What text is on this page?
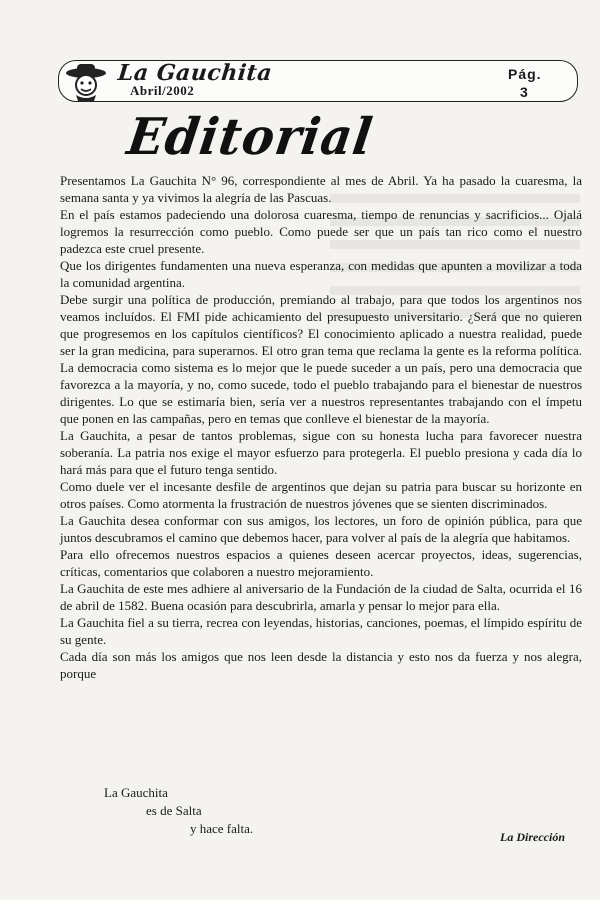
La Gauchita
Abril/2002
Pág.
3
Editorial

Presentamos La Gauchita N° 96, correspondiente al mes de Abril. Ya ha pasado la cuaresma, la semana santa y ya vivimos la alegría de las Pascuas.

En el país estamos padeciendo una dolorosa cuaresma, tiempo de renuncias y sacrificios... Ojalá logremos la resurrección como pueblo. Como puede ser que un país tan rico como el nuestro padezca este cruel presente.

Que los dirigentes fundamenten una nueva esperanza, con medidas que apunten a movilizar a toda la comunidad argentina.

Debe surgir una política de producción, premiando al trabajo, para que todos los argentinos nos veamos incluídos. El FMI pide achicamiento del presupuesto universitario. ¿Será que no quieren que progresemos en los capítulos científicos? El conocimiento aplicado a nuestra realidad, puede ser la gran medicina, para superarnos. El otro gran tema que reclama la gente es la reforma política. La democracia como sistema es lo mejor que le puede suceder a un país, pero una democracia que favorezca a la mayoría, y no, como sucede, todo el pueblo trabajando para el bienestar de nuestros dirigentes. Lo que se estimaría bien, sería ver a nuestros representantes trabajando con el ímpetu que ponen en las campañas, pero en temas que conlleve el bienestar de la mayoría.

La Gauchita, a pesar de tantos problemas, sigue con su honesta lucha para favorecer nuestra soberanía. La patria nos exige el mayor esfuerzo para protegerla. El pueblo presiona y cada día lo hará más para que el futuro tenga sentido.

Como duele ver el incesante desfile de argentinos que dejan su patria para buscar su horizonte en otros países. Como atormenta la frustración de nuestros jóvenes que se sienten discriminados.

La Gauchita desea conformar con sus amigos, los lectores, un foro de opinión pública, para que juntos descubramos el camino que debemos hacer, para volver al país de la alegría que habitamos.

Para ello ofrecemos nuestros espacios a quienes deseen acercar proyectos, ideas, sugerencias, críticas, comentarios que colaboren a nuestro mejoramiento.

La Gauchita de este mes adhiere al aniversario de la Fundación de la ciudad de Salta, ocurrida el 16 de abril de 1582. Buena ocasión para descubrirla, amarla y pensar lo mejor para ella.

La Gauchita fiel a su tierra, recrea con leyendas, historias, canciones, poemas, el límpido espíritu de su gente.

Cada día son más los amigos que nos leen desde la distancia y esto nos da fuerza y nos alegra, porque

La Gauchita
es de Salta
y hace falta.
La Dirección
